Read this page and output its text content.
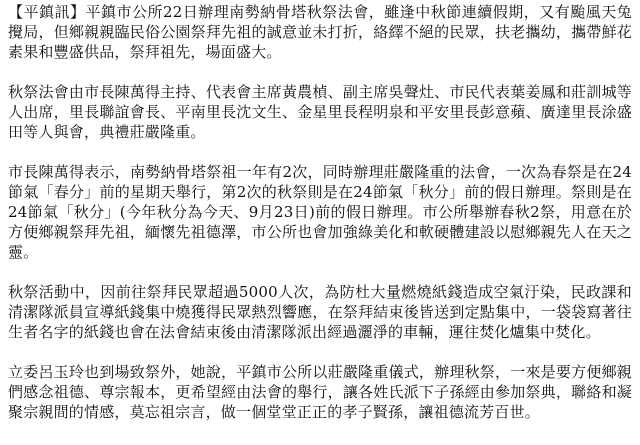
【平鎮訊】平鎮市公所22日辦理南勢納骨塔秋祭法會，雖逢中秋節連續假期，又有颱風天兔攪局，但鄉親親臨民俗公園祭拜先祖的誠意並未打折，絡繹不絕的民眾，扶老攜幼，攜帶鮮花素果和豐盛供品，祭拜祖先，場面盛大。

秋祭法會由市長陳萬得主持、代表會主席黃農楨、副主席吳聲灶、市民代表葉姜鳳和莊訓城等人出席，里長聯誼會長、平南里長沈文生、金星里長程明泉和平安里長彭意蘋、廣達里長涂盛田等人與會，典禮莊嚴隆重。

市長陳萬得表示，南勢納骨塔祭祖一年有2次，同時辦理莊嚴隆重的法會，一次為春祭是在24節氣「春分」前的星期天舉行，第2次的秋祭則是在24節氣「秋分」前的假日辦理。祭則是在24節氣「秋分」(今年秋分為今天、9月23日)前的假日辦理。市公所舉辦春秋2祭，用意在於方便鄉親祭拜先祖，緬懷先祖德澤，市公所也會加強綠美化和軟硬體建設以慰鄉親先人在天之靈。

秋祭活動中，因前往祭拜民眾超過5000人次，為防杜大量燃燒紙錢造成空氣汙染，民政課和清潔隊派員宣導紙錢集中燒獲得民眾熱烈響應，在祭拜結束後皆送到定點集中，一袋袋寫著往生者名字的紙錢也會在法會結束後由清潔隊派出經過灑淨的車輛，運往焚化爐集中焚化。

立委呂玉玲也到場致祭外，她說，平鎮市公所以莊嚴隆重儀式，辦理秋祭，一來是要方便鄉親們感念祖德、尊宗報本，更希望經由法會的舉行，讓各姓氏派下子孫經由參加祭典，聯絡和凝聚宗親間的情感，莫忘祖宗言，做一個堂堂正正的孝子賢孫，讓祖德流芳百世。
